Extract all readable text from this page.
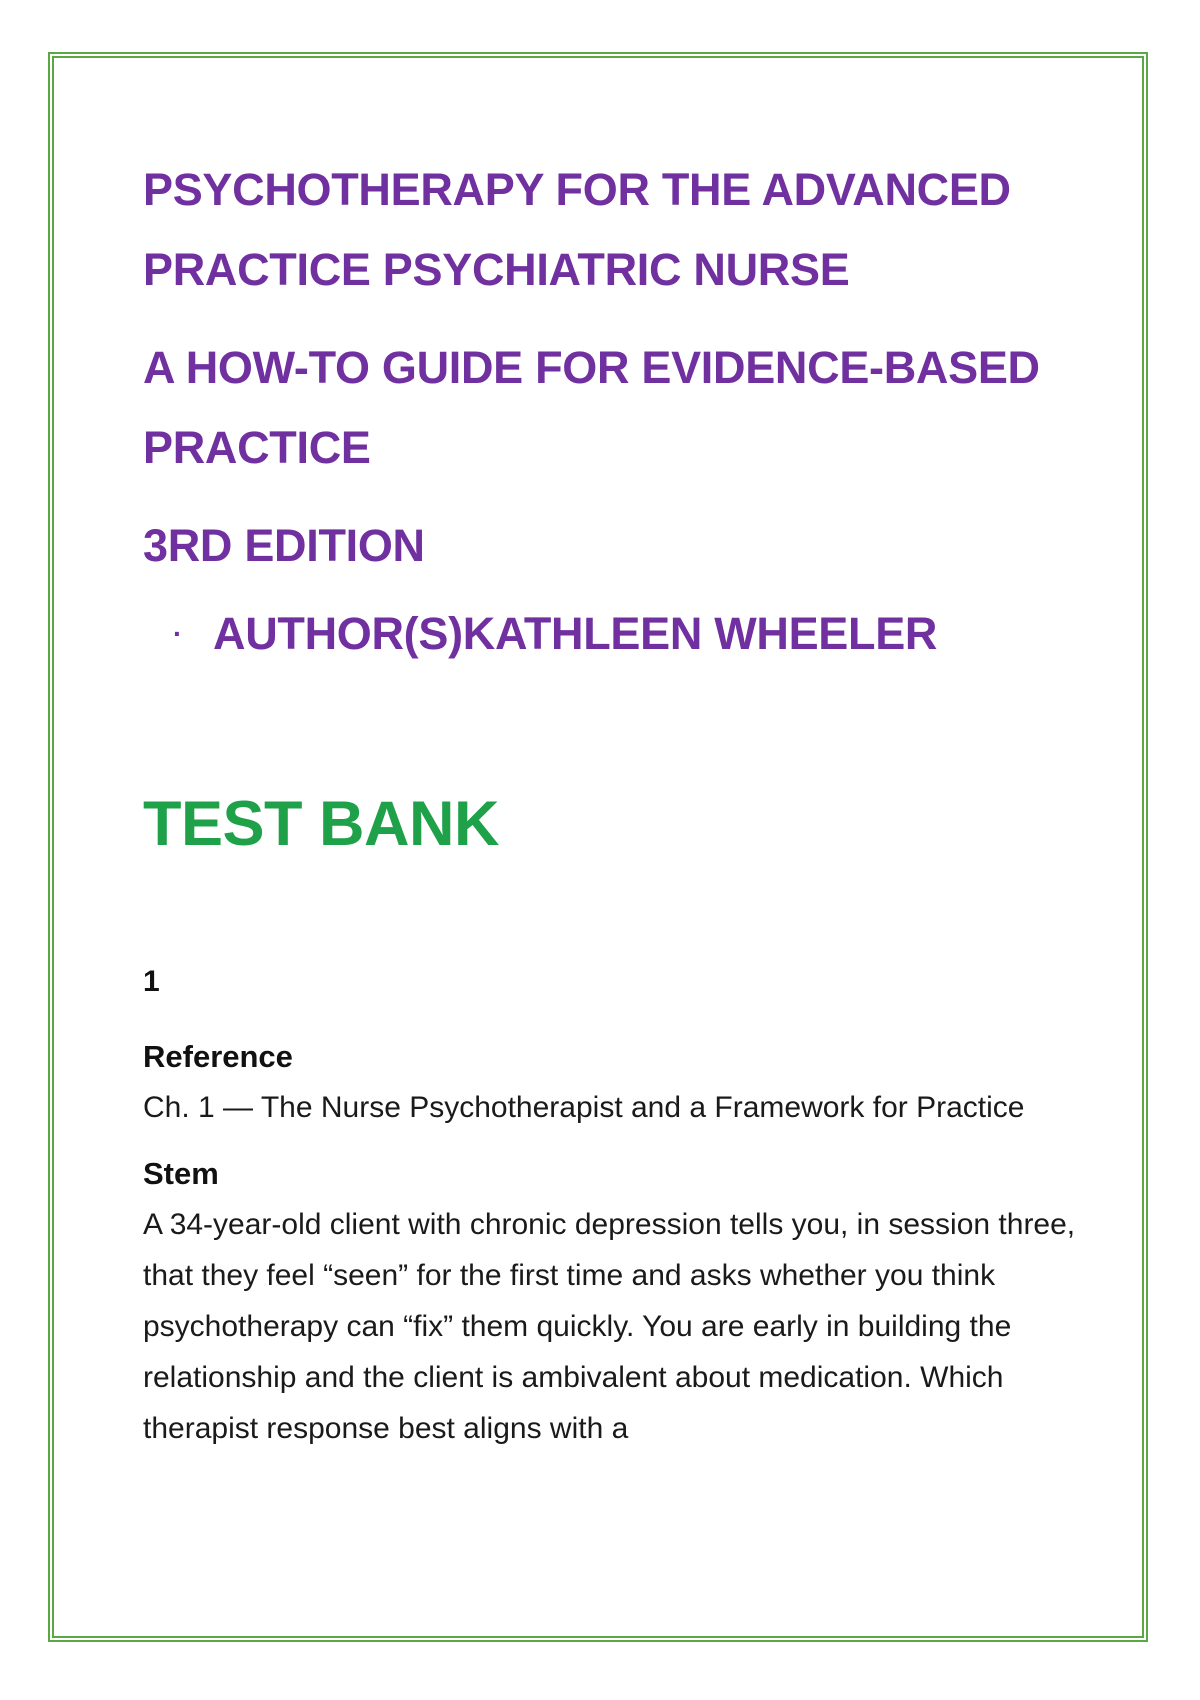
PSYCHOTHERAPY FOR THE ADVANCED

PRACTICE PSYCHIATRIC NURSE

A HOW-TO GUIDE FOR EVIDENCE-BASED

PRACTICE

3RD EDITION

· AUTHOR(S)KATHLEEN WHEELER

TEST BANK

1

Reference

Ch. 1 — The Nurse Psychotherapist and a Framework for Practice

Stem

A 34-year-old client with chronic depression tells you, in session three, that they feel “seen” for the first time and asks whether you think psychotherapy can “fix” them quickly. You are early in building the relationship and the client is ambivalent about medication. Which therapist response best aligns with a
